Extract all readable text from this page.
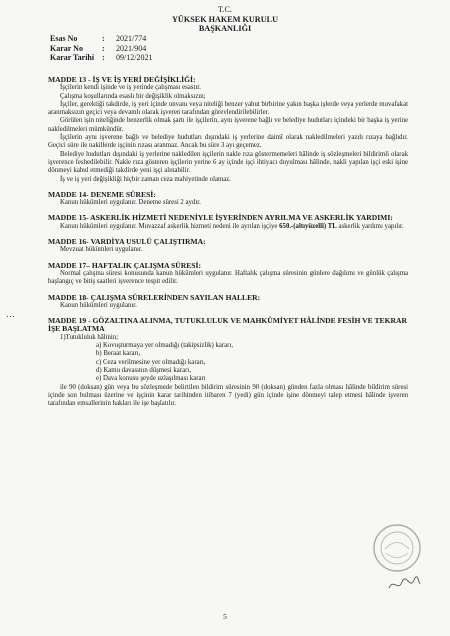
T.C.
YÜKSEK HAKEM KURULU
BAŞKANLIĞI
Esas No	:	2021/774
Karar No	:	2021/904
Karar Tarihi :	09/12/2021

MADDE 13 - İŞ VE İŞ YERİ DEĞİŞİKLİĞİ:

İşçilerin kendi işinde ve iş yerinde çalışması esastır.

Çalışma koşullarında esaslı bir değişiklik olmaksızın;

İşçiler, gerektiği takdirde, iş yeri içinde unvanı veya niteliği benzer yahut birbirine yakın başka işlerde veya yerlerde muvafakat aranmaksızın geçici veya devamlı olarak işveren tarafından görevlendirilebilirler.

Görülen işin niteliğinde benzerlik olmak şartı ile işçilerin, aynı işverene bağlı ve belediye hudutları içindeki bir başka iş yerine nakledilmeleri mümkündür.

İşçilerin aynı işverene bağlı ve belediye hudutları dışındaki iş yerlerine daimî olarak nakledilmeleri yazılı rızaya bağlıdır. Geçici süre ile nakillerde işçinin rızası aranmaz. Ancak bu süre 3 ayı geçemez.

Belediye hudutları dışındaki iş yerlerine nakledilen işçilerin nakle rıza göstermemeleri hâlinde iş sözleşmeleri bildirimli olarak işverence feshedilebilir. Nakle rıza gösteren işçilerin yerine 6 ay içinde işçi ihtiyacı duyulması hâlinde, nakli yapılan işçi eski işine dönmeyi kabul etmediği takdirde yeni işçi alınabilir.

İş ve iş yeri değişikliği hiçbir zaman ceza mahiyetinde olamaz.

MADDE 14- DENEME SÜRESİ:

Kanun hükümleri uygulanır. Deneme süresi 2 aydır.

MADDE 15- ASKERLİK HİZMETİ NEDENİYLE İŞYERİNDEN AYRILMA VE ASKERLİK YARDIMI:

Kanun hükümleri uygulanır. Muvazzaf askerlik hizmeti nedeni ile ayrılan işçiye 650.-(altıyüzelli) TL askerlik yardımı yapılır.

MADDE 16- VARDİYA USULÜ ÇALIŞTIRMA:

Mevzuat hükümleri uygulanır.

MADDE 17– HAFTALIK ÇALIŞMA SÜRESİ:

Normal çalışma süresi konusunda kanun hükümleri uygulanır. Haftalık çalışma süresinin günlere dağılımı ve günlük çalışma başlangıç ve bitiş saatleri işverence tespit edilir.

MADDE 18- ÇALIŞMA SÜRELERİNDEN SAYILAN HALLER:

Kanun hükümleri uygulanır.

MADDE 19 - GÖZALTINA ALINMA, TUTUKLULUK VE MAHKÛMİYET HÂLİNDE FESİH VE TEKRAR İŞE BAŞLATMA

1)Tutukluluk hâlinin;

a) Kovuşturmaya yer olmadığı (takipsizlik) kararı,
b) Beraat kararı,
c) Ceza verilmesine yer olmadığı kararı,
d) Kamu davasının düşmesi kararı,
e) Dava konusu şeyde uzlaşılması kararı

ile 90 (doksan) gün veya bu sözleşmede belirtilen bildirim süresinin 90 (doksan) günden fazla olması hâlinde bildirim süresi içinde son bulması üzerine ve işçinin karar tarihinden itibaren 7 (yedi) gün içinde işine dönmeyi talep etmesi hâlinde işveren tarafından emsallerinin hakları ile işe başlatılır.

⋯
5
